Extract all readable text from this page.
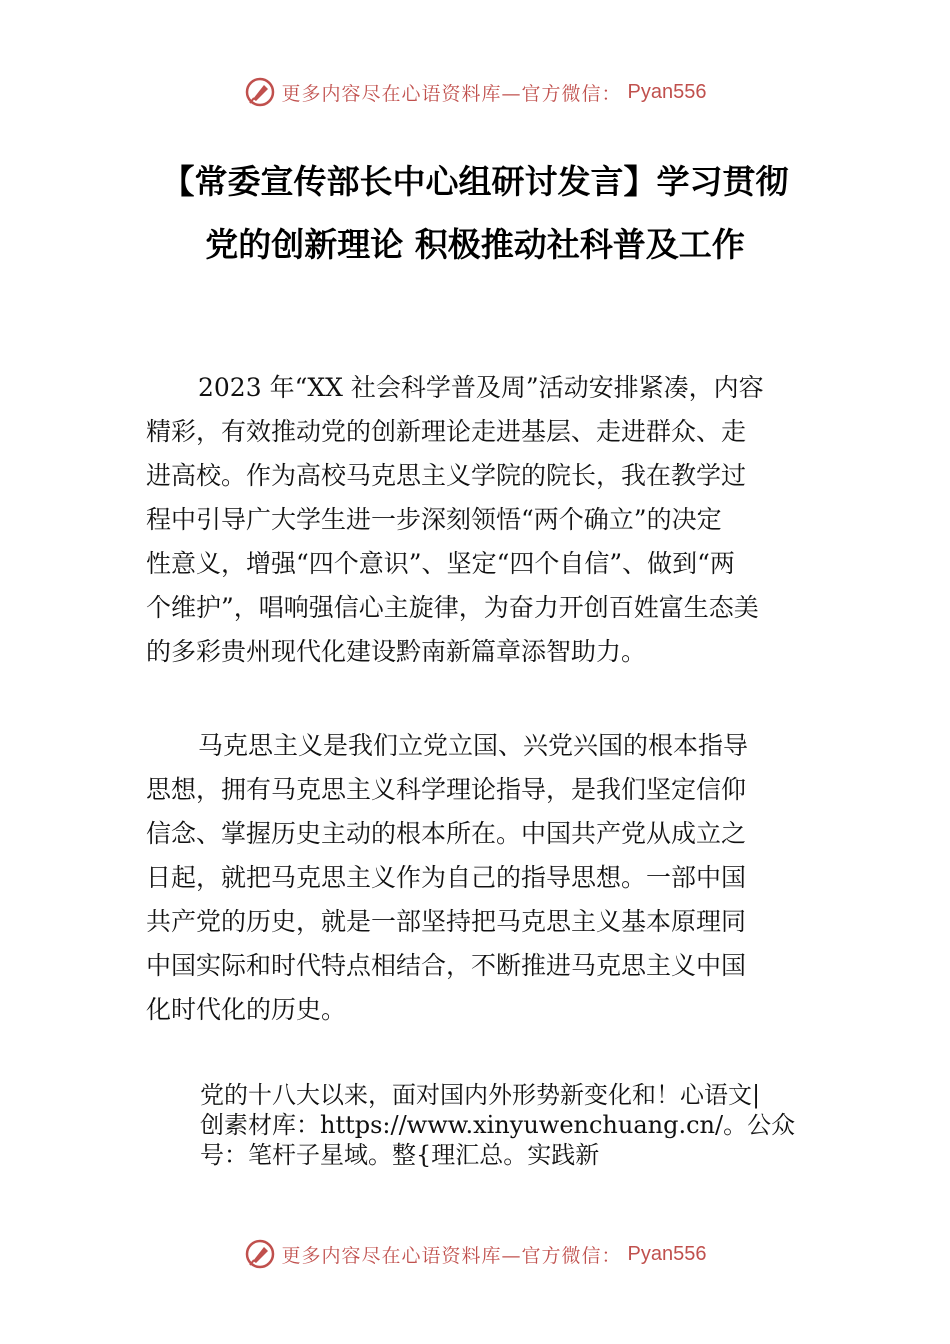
更多内容尽在心语资料库—官方微信： Pyan556
【常委宣传部长中心组研讨发言】学习贯彻
党的创新理论 积极推动社科普及工作
2023 年“XX 社会科学普及周”活动安排紧凑，内容
精彩，有效推动党的创新理论走进基层、走进群众、走
进高校。作为高校马克思主义学院的院长，我在教学过
程中引导广大学生进一步深刻领悟“两个确立”的决定
性意义，增强“四个意识”、坚定“四个自信”、做到“两
个维护”，唱响强信心主旋律，为奋力开创百姓富生态美
的多彩贵州现代化建设黔南新篇章添智助力。
马克思主义是我们立党立国、兴党兴国的根本指导
思想，拥有马克思主义科学理论指导，是我们坚定信仰
信念、掌握历史主动的根本所在。中国共产党从成立之
日起，就把马克思主义作为自己的指导思想。一部中国
共产党的历史，就是一部坚持把马克思主义基本原理同
中国实际和时代特点相结合，不断推进马克思主义中国
化时代化的历史。
党的十八大以来，面对国内外形势新变化和！心语文|
创素材库：https://www.xinyuwenchuang.cn/。公众
号：笔杆子星域。整{理汇总。实践新
更多内容尽在心语资料库—官方微信： Pyan556
